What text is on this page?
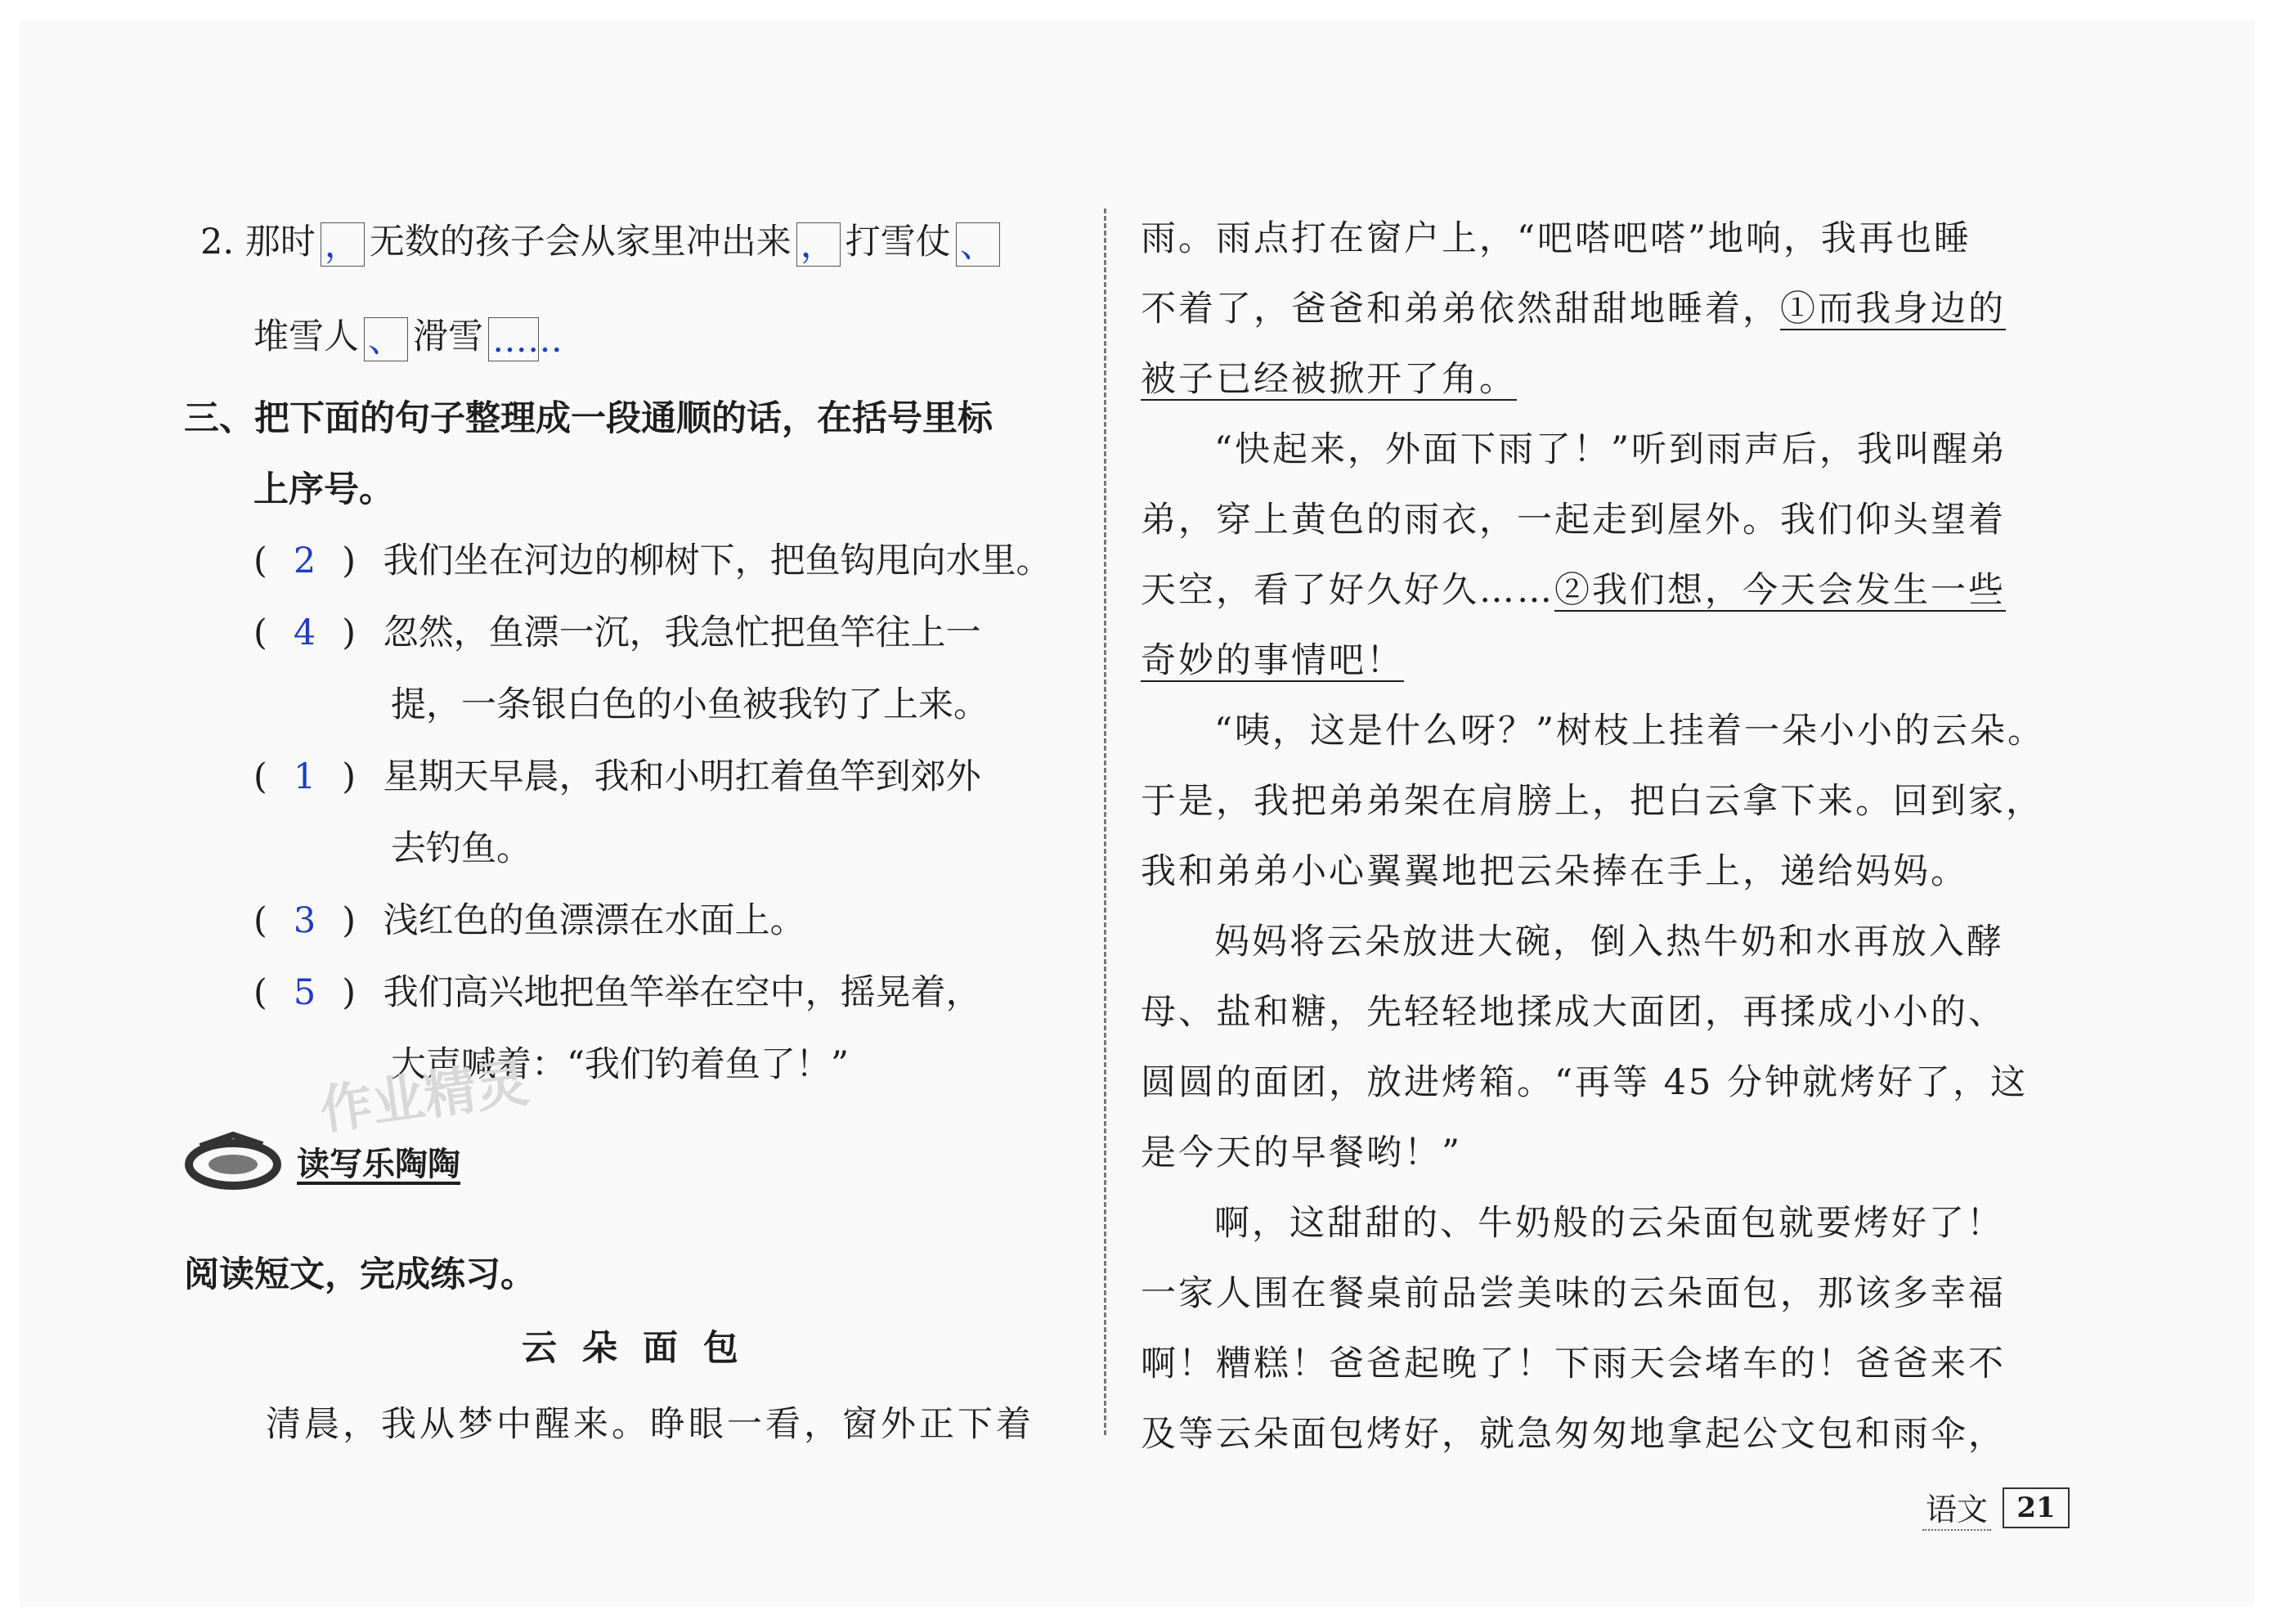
2. 那时 ， 无数的孩子会从家里冲出来 ， 打雪仗 、
堆雪人 、 滑雪 ……
三、把下面的句子整理成一段通顺的话，在括号里标
上序号。
( 2 ) 我们坐在河边的柳树下，把鱼钩甩向水里。
( 4 ) 忽然，鱼漂一沉，我急忙把鱼竿往上一
提，一条银白色的小鱼被我钓了上来。
( 1 ) 星期天早晨，我和小明扛着鱼竿到郊外
去钓鱼。
( 3 ) 浅红色的鱼漂漂在水面上。
( 5 ) 我们高兴地把鱼竿举在空中，摇晃着，
大声喊着：“我们钓着鱼了！”
作业精灵
读写乐陶陶
阅读短文，完成练习。
云 朵 面 包
清晨，我从梦中醒来。睁眼一看，窗外正下着
雨。雨点打在窗户上，“吧嗒吧嗒”地响，我再也睡
不着了，爸爸和弟弟依然甜甜地睡着，①而我身边的
被子已经被掀开了角。
“快起来，外面下雨了！”听到雨声后，我叫醒弟
弟，穿上黄色的雨衣，一起走到屋外。我们仰头望着
天空，看了好久好久……②我们想，今天会发生一些
奇妙的事情吧！
“咦，这是什么呀？”树枝上挂着一朵小小的云朵。
于是，我把弟弟架在肩膀上，把白云拿下来。回到家，
我和弟弟小心翼翼地把云朵捧在手上，递给妈妈。
妈妈将云朵放进大碗，倒入热牛奶和水再放入酵
母、盐和糖，先轻轻地揉成大面团，再揉成小小的、
圆圆的面团，放进烤箱。“再等 45 分钟就烤好了，这
是今天的早餐哟！”
啊，这甜甜的、牛奶般的云朵面包就要烤好了！
一家人围在餐桌前品尝美味的云朵面包，那该多幸福
啊！糟糕！爸爸起晚了！下雨天会堵车的！爸爸来不
及等云朵面包烤好，就急匆匆地拿起公文包和雨伞，
语文	21
